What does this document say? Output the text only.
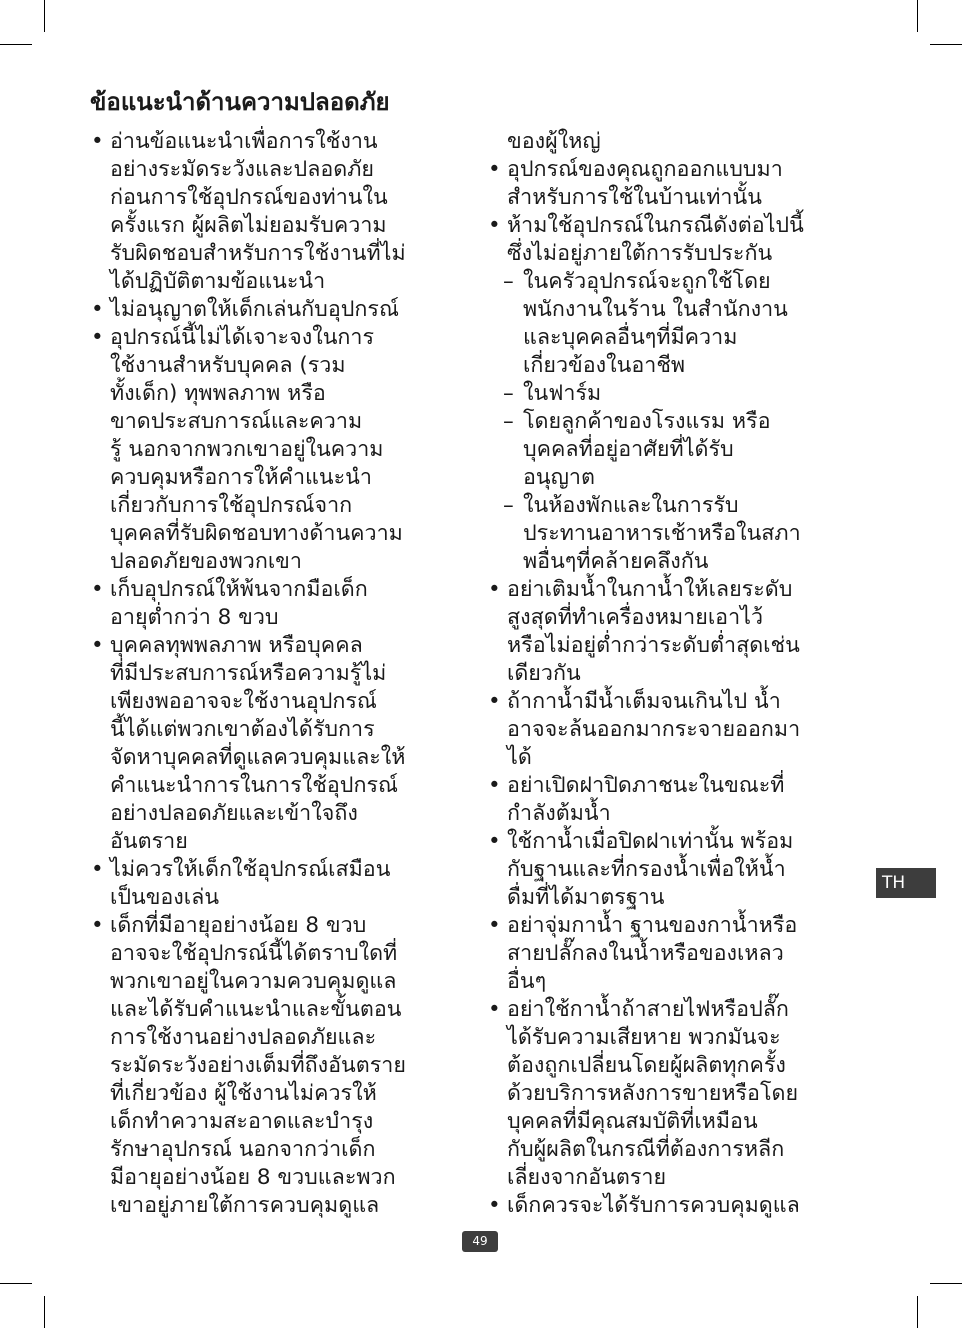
ข้อแนะนำด้านความปลอดภัย
• อ่านข้อแนะนำเพื่อการใช้งาน
อย่างระมัดระวังและปลอดภัย
ก่อนการใช้อุปกรณ์ของท่านใน
ครั้งแรก ผู้ผลิตไม่ยอมรับความ
รับผิดชอบสำหรับการใช้งานที่ไม่
ได้ปฏิบัติตามข้อแนะนำ
• ไม่อนุญาตให้เด็กเล่นกับอุปกรณ์
• อุปกรณ์นี้ไม่ได้เจาะจงในการ
ใช้งานสำหรับบุคคล (รวม
ทั้งเด็ก) ทุพพลภาพ หรือ
ขาดประสบการณ์และความ
รู้ นอกจากพวกเขาอยู่ในความ
ควบคุมหรือการให้คำแนะนำ
เกี่ยวกับการใช้อุปกรณ์จาก
บุคคลที่รับผิดชอบทางด้านความ
ปลอดภัยของพวกเขา
• เก็บอุปกรณ์ให้พ้นจากมือเด็ก
อายุต่ำกว่า 8 ขวบ
• บุคคลทุพพลภาพ หรือบุคคล
ที่มีประสบการณ์หรือความรู้ไม่
เพียงพออาจจะใช้งานอุปกรณ์
นี้ได้แต่พวกเขาต้องได้รับการ
จัดหาบุคคลที่ดูแลควบคุมและให้
คำแนะนำการในการใช้อุปกรณ์
อย่างปลอดภัยและเข้าใจถึง
อันตราย
• ไม่ควรให้เด็กใช้อุปกรณ์เสมือน
เป็นของเล่น
• เด็กที่มีอายุอย่างน้อย 8 ขวบ
อาจจะใช้อุปกรณ์นี้ได้ตราบใดที่
พวกเขาอยู่ในความควบคุมดูแล
และได้รับคำแนะนำและขั้นตอน
การใช้งานอย่างปลอดภัยและ
ระมัดระวังอย่างเต็มที่ถึงอันตราย
ที่เกี่ยวข้อง ผู้ใช้งานไม่ควรให้
เด็กทำความสะอาดและบำรุง
รักษาอุปกรณ์ นอกจากว่าเด็ก
มีอายุอย่างน้อย 8 ขวบและพวก
เขาอยู่ภายใต้การควบคุมดูแล
ของผู้ใหญ่
• อุปกรณ์ของคุณถูกออกแบบมา
สำหรับการใช้ในบ้านเท่านั้น
• ห้ามใช้อุปกรณ์ในกรณีดังต่อไปนี้
ซึ่งไม่อยู่ภายใต้การรับประกัน
– ในครัวอุปกรณ์จะถูกใช้โดย
พนักงานในร้าน ในสำนักงาน
และบุคคลอื่นๆที่มีความ
เกี่ยวข้องในอาชีพ
– ในฟาร์ม
– โดยลูกค้าของโรงแรม หรือ
บุคคลที่อยู่อาศัยที่ได้รับ
อนุญาต
– ในห้องพักและในการรับ
ประทานอาหารเช้าหรือในสภา
พอื่นๆที่คล้ายคลึงกัน
• อย่าเติมน้ำในกาน้ำให้เลยระดับ
สูงสุดที่ทำเครื่องหมายเอาไว้
หรือไม่อยู่ต่ำกว่าระดับต่ำสุดเช่น
เดียวกัน
• ถ้ากาน้ำมีน้ำเต็มจนเกินไป น้ำ
อาจจะล้นออกมากระจายออกมา
ได้
• อย่าเปิดฝาปิดภาชนะในขณะที่
กำลังต้มน้ำ
• ใช้กาน้ำเมื่อปิดฝาเท่านั้น พร้อม
กับฐานและที่กรองน้ำเพื่อให้น้ำ
ดื่มที่ได้มาตรฐาน
• อย่าจุ่มกาน้ำ ฐานของกาน้ำหรือ
สายปลั๊กลงในน้ำหรือของเหลว
อื่นๆ
• อย่าใช้กาน้ำถ้าสายไฟหรือปลั๊ก
ได้รับความเสียหาย พวกมันจะ
ต้องถูกเปลี่ยนโดยผู้ผลิตทุกครั้ง
ด้วยบริการหลังการขายหรือโดย
บุคคลที่มีคุณสมบัติที่เหมือน
กับผู้ผลิตในกรณีที่ต้องการหลีก
เลี่ยงจากอันตราย
• เด็กควรจะได้รับการควบคุมดูแล
TH
49
